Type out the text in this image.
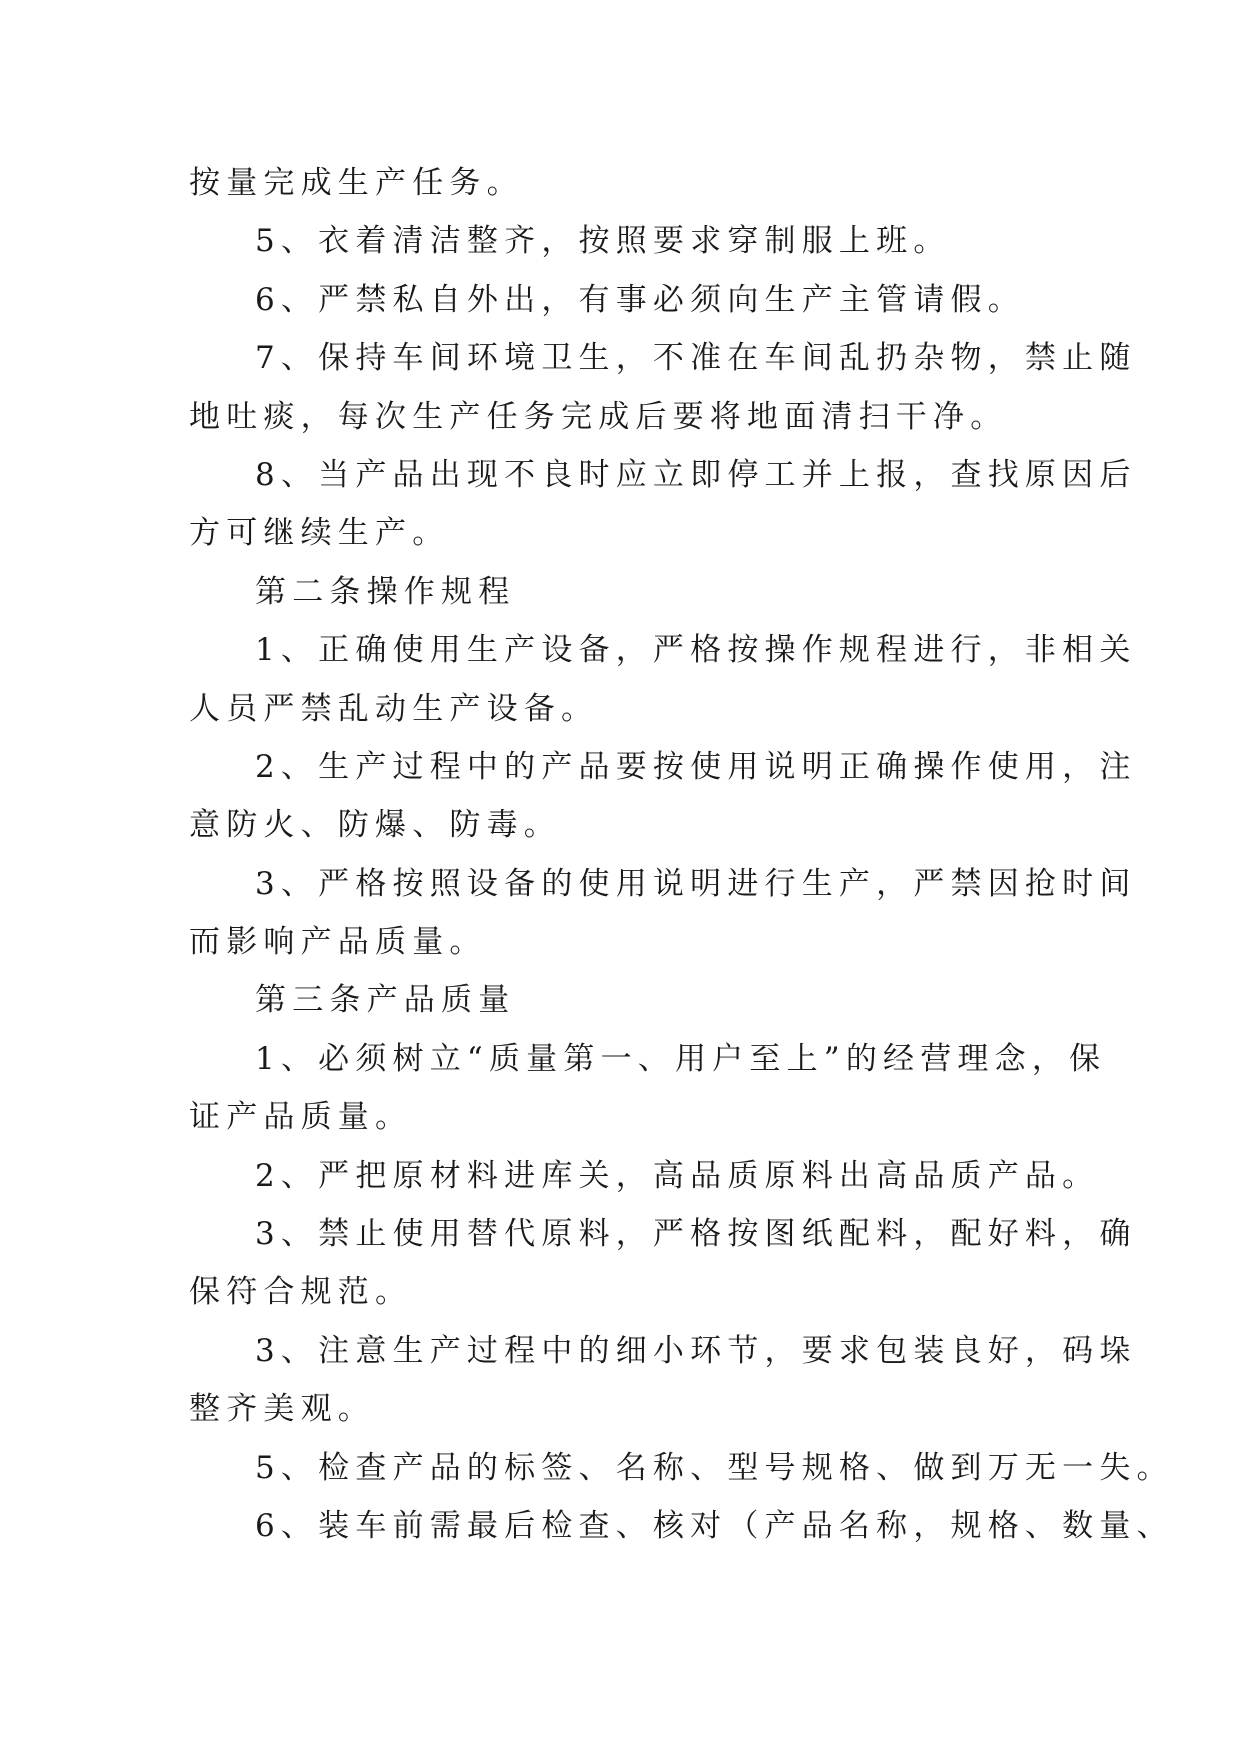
按量完成生产任务。
5、衣着清洁整齐，按照要求穿制服上班。
6、严禁私自外出，有事必须向生产主管请假。
7、保持车间环境卫生，不准在车间乱扔杂物，禁止随
地吐痰，每次生产任务完成后要将地面清扫干净。
8、当产品出现不良时应立即停工并上报，查找原因后
方可继续生产。
第二条操作规程
1、正确使用生产设备，严格按操作规程进行，非相关
人员严禁乱动生产设备。
2、生产过程中的产品要按使用说明正确操作使用，注
意防火、防爆、防毒。
3、严格按照设备的使用说明进行生产，严禁因抢时间
而影响产品质量。
第三条产品质量
1、必须树立“质量第一、用户至上”的经营理念，保
证产品质量。
2、严把原材料进库关，高品质原料出高品质产品。
3、禁止使用替代原料，严格按图纸配料，配好料，确
保符合规范。
3、注意生产过程中的细小环节，要求包装良好，码垛
整齐美观。
5、检查产品的标签、名称、型号规格、做到万无一失。
6、装车前需最后检查、核对（产品名称，规格、数量、
